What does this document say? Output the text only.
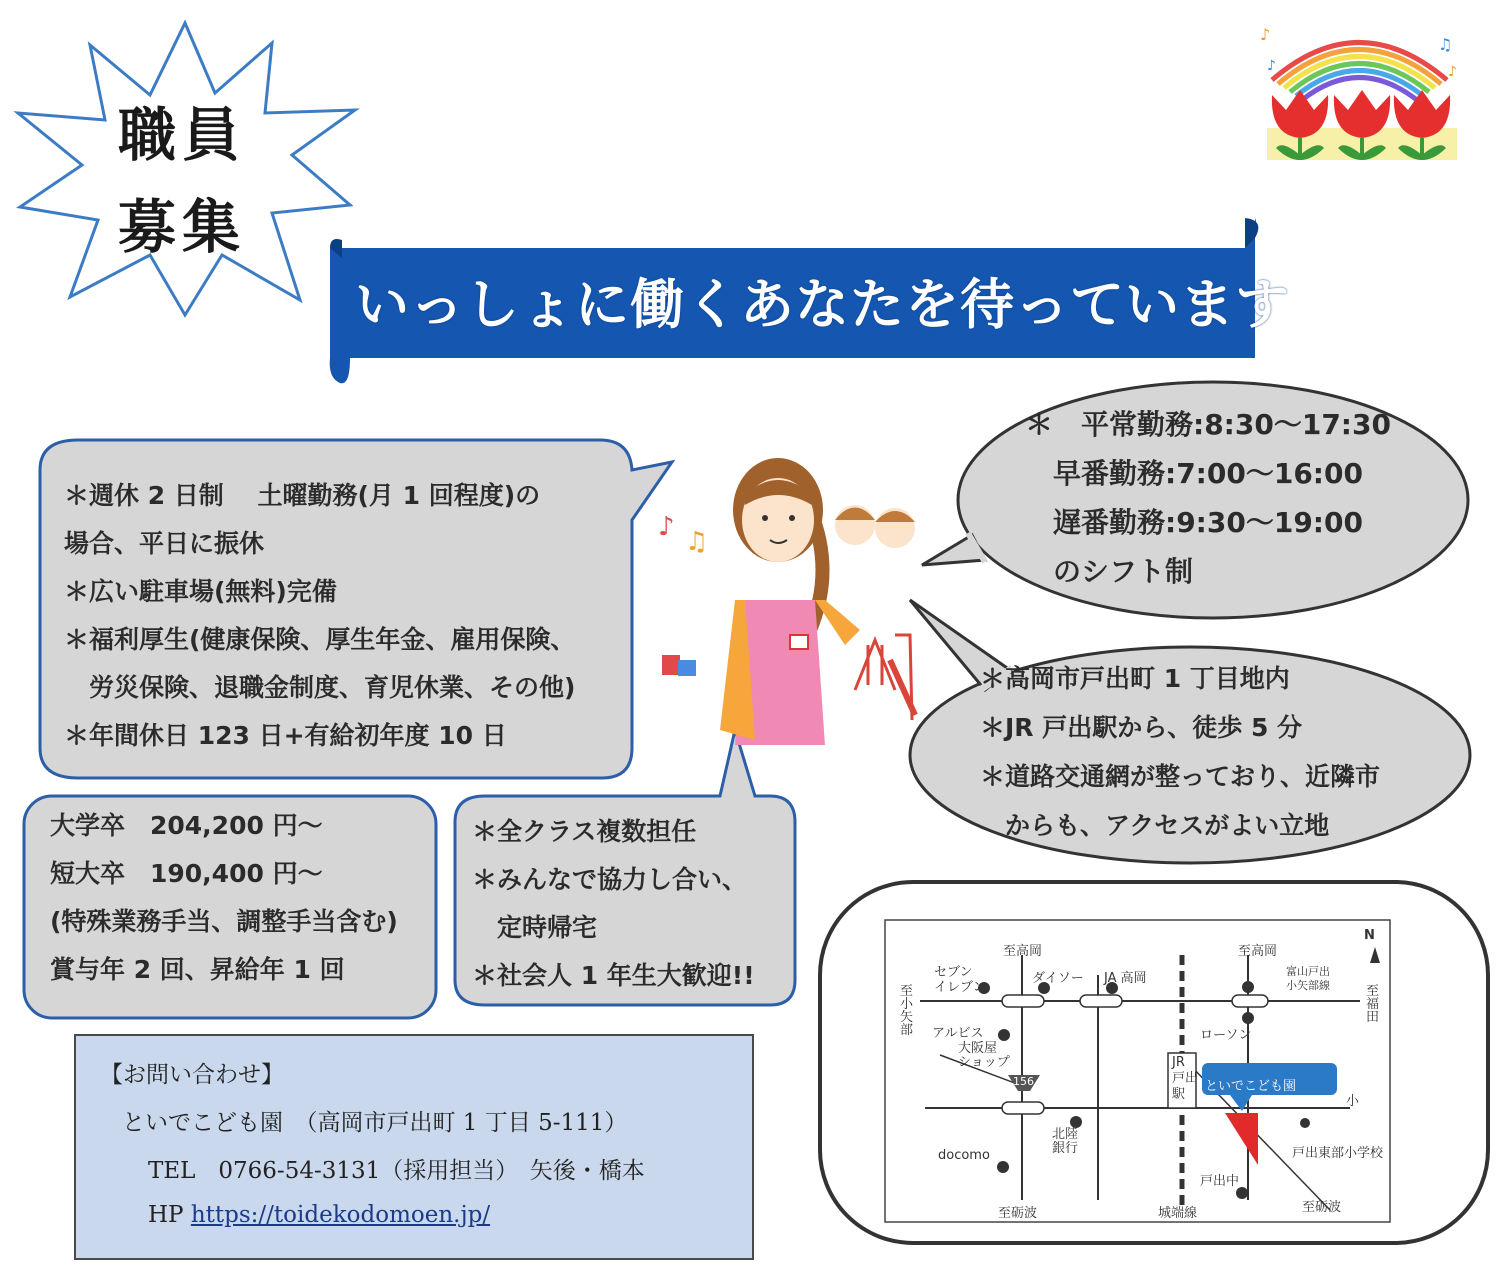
職員
募集
♪
♫
♪	♪
いっしょに働くあなたを待っています
♪ ♫
＊週休 2 日制　 土曜勤務(月 1 回程度)の
場合、平日に振休
＊広い駐車場(無料)完備
＊福利厚生(健康保険、厚生年金、雇用保険、
　労災保険、退職金制度、育児休業、その他)
＊年間休日 123 日+有給初年度 10 日
＊　平常勤務:8:30～17:30
　早番勤務:7:00～16:00
　遅番勤務:9:30～19:00
　のシフト制
＊高岡市戸出町 1 丁目地内
＊JR 戸出駅から、徒歩 5 分
＊道路交通網が整っており、近隣市
　からも、アクセスがよい立地
大学卒　204,200 円～
短大卒　190,400 円～
(特殊業務手当、調整手当含む)
賞与年 2 回、昇給年 1 回
＊全クラス複数担任
＊みんなで協力し合い、
　定時帰宅
＊社会人 1 年生大歓迎!!
【お問い合わせ】
といでこども園　（高岡市戸出町 1 丁目 5-111）
TEL　0766-54-3131（採用担当）　矢後・橋本
HP https://toidekodomoen.jp/
至高岡	至高岡
至小矢部
至福田
至砺波	城端線	至砺波
セブン
イレブン
ダイソー JA 高岡	富山戸出
小矢部線
ローソン
アルビス
大阪屋
ショップ
156
JR
戸出
駅
といでこども園
小
北陸
銀行
docomo
戸出中
戸出東部小学校
N
